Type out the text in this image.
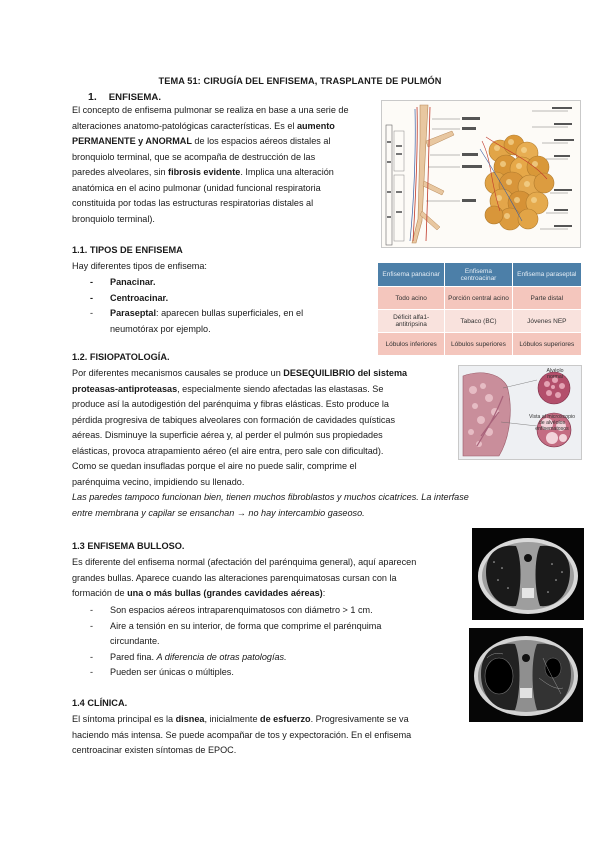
TEMA 51: CIRUGÍA DEL ENFISEMA, TRASPLANTE DE PULMÓN
1. ENFISEMA.
El concepto de enfisema pulmonar se realiza en base a una serie de
alteraciones anatomo-patológicas características. Es el aumento
PERMANENTE y ANORMAL de los espacios aéreos distales al
bronquiolo terminal, que se acompaña de destrucción de las
paredes alveolares, sin fibrosis evidente. Implica una alteración
anatómica en el acino pulmonar (unidad funcional respiratoria
constituida por todas las estructuras respiratorias distales al
bronquiolo terminal).
1.1. TIPOS DE ENFISEMA
Hay diferentes tipos de enfisema:
- Panacinar.
- Centroacinar.
- Paraseptal: aparecen bullas superficiales, en el
neumotórax por ejemplo.
Enfisema panacinar	Enfisema centroacinar	Enfisema paraseptal
Todo acino	Porción central acino	Parte distal
Déficit alfa1-antitripsina	Tabaco (BC)	Jóvenes NEP
Lóbulos inferiores	Lóbulos superiores	Lóbulos superiores
1.2. FISIOPATOLOGÍA.
Por diferentes mecanismos causales se produce un DESEQUILIBRIO del sistema
proteasas-antiproteasas, especialmente siendo afectadas las elastasas. Se
produce así la autodigestión del parénquima y fibras elásticas. Esto produce la
pérdida progresiva de tabiques alveolares con formación de cavidades quísticas
aéreas. Disminuye la superficie aérea y, al perder el pulmón sus propiedades
elásticas, provoca atrapamiento aéreo (el aire entra, pero sale con dificultad).
Como se quedan insufladas porque el aire no puede salir, comprime el
parénquima vecino, impidiendo su llenado.
Las paredes tampoco funcionan bien, tienen muchos fibroblastos y muchos cicatrices. La interfase
entre membrana y capilar se ensanchan → no hay intercambio gaseoso.
Alvéolo
normal
Vista al microscopio
de alvéolos enfisematosos
1.3 ENFISEMA BULLOSO.
Es diferente del enfisema normal (afectación del parénquima general), aquí aparecen
grandes bullas. Aparece cuando las alteraciones parenquimatosas cursan con la
formación de una o más bullas (grandes cavidades aéreas):
- Son espacios aéreos intraparenquimatosos con diámetro > 1 cm.
- Aire a tensión en su interior, de forma que comprime el parénquima
circundante.
- Pared fina. A diferencia de otras patologías.
- Pueden ser únicas o múltiples.
1.4 CLÍNICA.
El síntoma principal es la disnea, inicialmente de esfuerzo. Progresivamente se va
haciendo más intensa. Se puede acompañar de tos y expectoración. En el enfisema
centroacinar existen síntomas de EPOC.
